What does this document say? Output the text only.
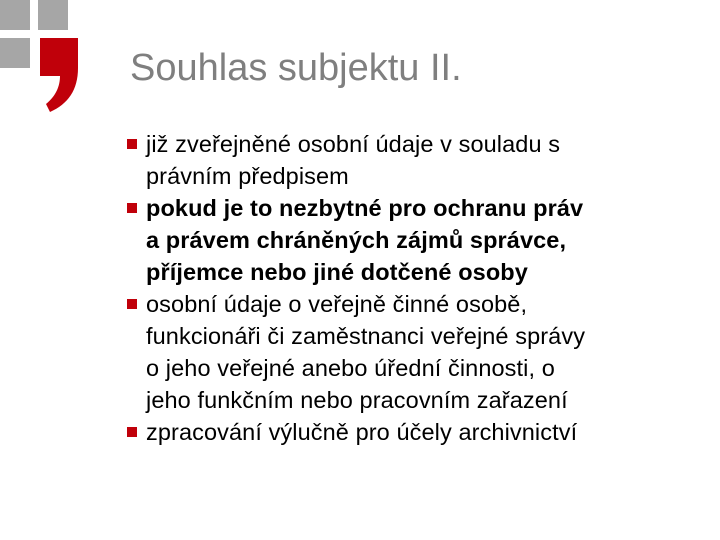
Souhlas subjektu II.
již zveřejněné osobní údaje v souladu s
právním předpisem
pokud je to nezbytné pro ochranu práv
a právem chráněných zájmů správce,
příjemce nebo jiné dotčené osoby
osobní údaje o veřejně činné osobě,
funkcionáři či zaměstnanci veřejné správy
o jeho veřejné anebo úřední činnosti, o
jeho funkčním nebo pracovním zařazení
zpracování výlučně pro účely archivnictví
